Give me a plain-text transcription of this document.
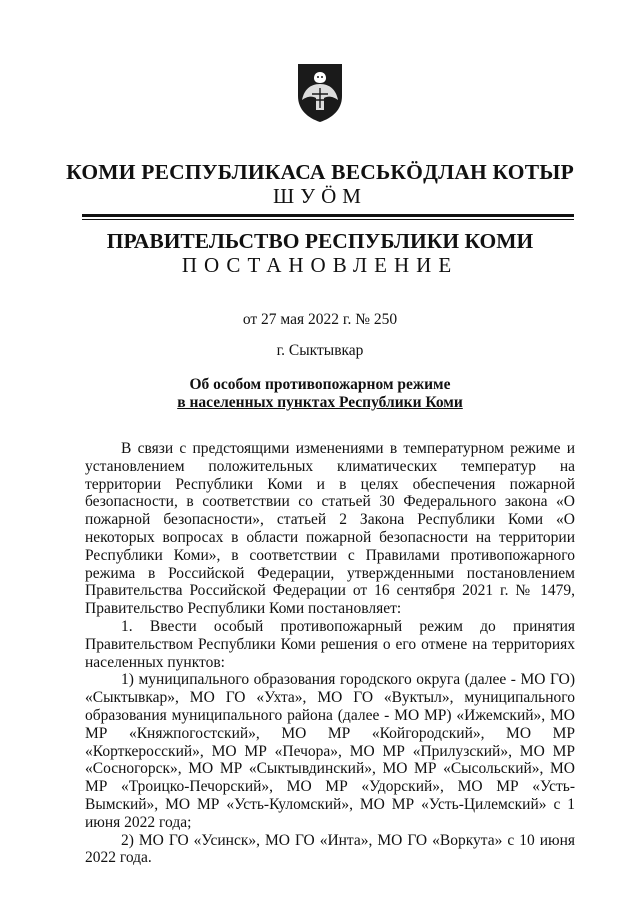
КОМИ РЕСПУБЛИКАСА ВЕСЬКӦДЛАН КОТЫР
ШУӦМ
ПРАВИТЕЛЬСТВО РЕСПУБЛИКИ КОМИ
ПОСТАНОВЛЕНИЕ
от 27 мая 2022 г. № 250
г. Сыктывкар
Об особом противопожарном режиме
в населенных пунктах Республики Коми

В связи с предстоящими изменениями в температурном режиме и установлением положительных климатических температур на территории Республики Коми и в целях обеспечения пожарной безопасности, в соответствии со статьей 30 Федерального закона «О пожарной безопасности», статьей 2 Закона Республики Коми «О некоторых вопросах в области пожарной безопасности на территории Республики Коми», в соответствии с Правилами противопожарного режима в Российской Федерации, утвержденными постановлением Правительства Российской Федерации от 16 сентября 2021 г. № 1479, Правительство Республики Коми постановляет:

1. Ввести особый противопожарный режим до принятия Правительством Республики Коми решения о его отмене на территориях населенных пунктов:

1) муниципального образования городского округа (далее - МО ГО) «Сыктывкар», МО ГО «Ухта», МО ГО «Вуктыл», муниципального образования муниципального района (далее - МО МР) «Ижемский», МО МР «Княжпогостский», МО МР «Койгородский», МО МР «Корткеросский», МО МР «Печора», МО МР «Прилузский», МО МР «Сосногорск», МО МР «Сыктывдинский», МО МР «Сысольский», МО МР «Троицко-Печорский», МО МР «Удорский», МО МР «Усть-Вымский», МО МР «Усть-Куломский», МО МР «Усть-Цилемский» с 1 июня 2022 года;

2) МО ГО «Усинск», МО ГО «Инта», МО ГО «Воркута» с 10 июня 2022 года.
